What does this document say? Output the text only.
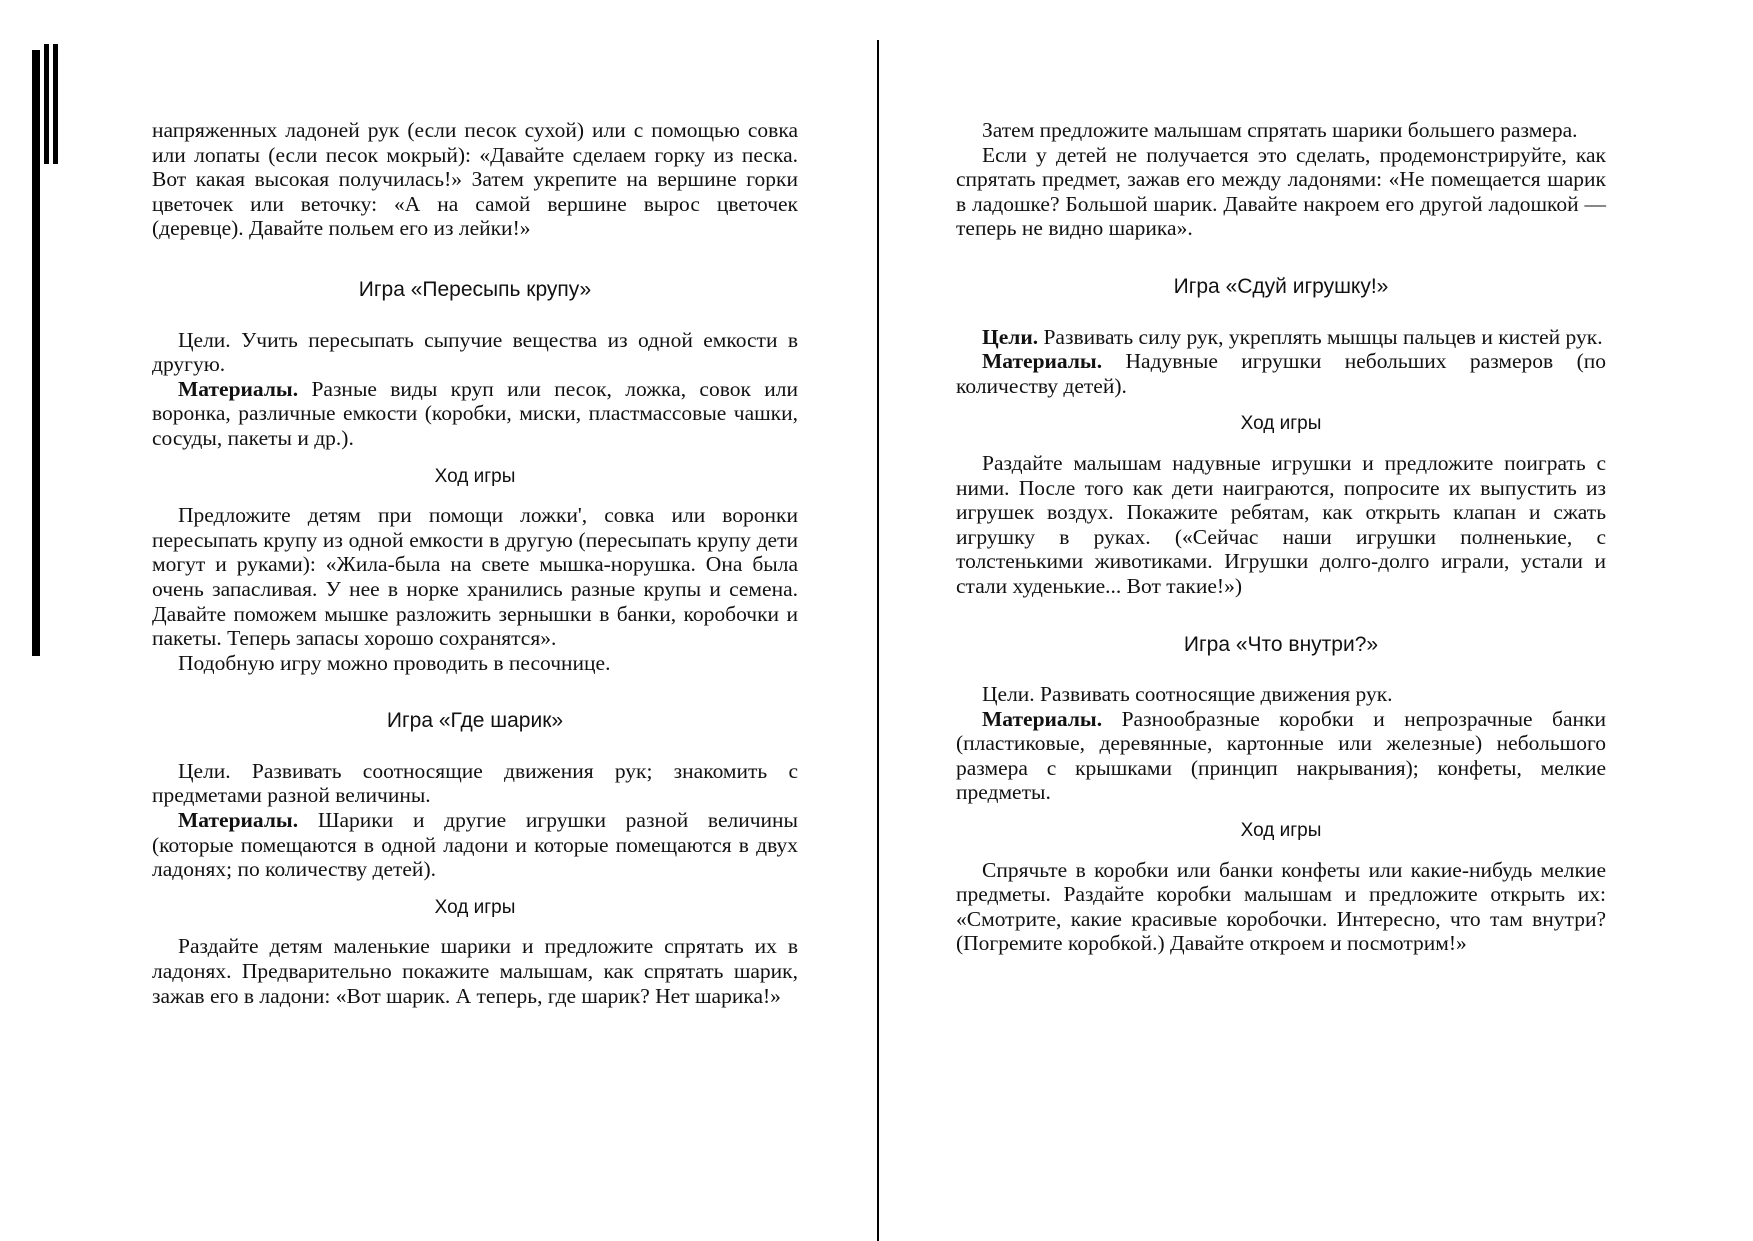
напряженных ладоней рук (если песок сухой) или с помощью совка или лопаты (если песок мокрый): «Давайте сделаем горку из песка. Вот какая высокая получилась!» Затем укрепите на вершине горки цветочек или веточку: «А на самой вершине вырос цветочек (деревце). Давайте польем его из лейки!»

Игра «Пересыпь крупу»

Цели. Учить пересыпать сыпучие вещества из одной емкости в другую.

Материалы. Разные виды круп или песок, ложка, совок или воронка, различные емкости (коробки, миски, пластмассовые чашки, сосуды, пакеты и др.).

Ход игры

Предложите детям при помощи ложки', совка или воронки пересыпать крупу из одной емкости в другую (пересыпать крупу дети могут и руками): «Жила-была на свете мышка-норушка. Она была очень запасливая. У нее в норке хранились разные крупы и семена. Давайте поможем мышке разложить зернышки в банки, коробочки и пакеты. Теперь запасы хорошо сохранятся».

Подобную игру можно проводить в песочнице.

Игра «Где шарик»

Цели. Развивать соотносящие движения рук; знакомить с предметами разной величины.

Материалы. Шарики и другие игрушки разной величины (которые помещаются в одной ладони и которые помещаются в двух ладонях; по количеству детей).

Ход игры

Раздайте детям маленькие шарики и предложите спрятать их в ладонях. Предварительно покажите малышам, как спрятать шарик, зажав его в ладони: «Вот шарик. А теперь, где шарик? Нет шарика!»

Затем предложите малышам спрятать шарики большего размера.

Если у детей не получается это сделать, продемонстрируйте, как спрятать предмет, зажав его между ладонями: «Не помещается шарик в ладошке? Большой шарик. Давайте накроем его другой ладошкой — теперь не видно шарика».

Игра «Сдуй игрушку!»

Цели. Развивать силу рук, укреплять мышцы пальцев и кистей рук.

Материалы. Надувные игрушки небольших размеров (по количеству детей).

Ход игры

Раздайте малышам надувные игрушки и предложите поиграть с ними. После того как дети наиграются, попросите их выпустить из игрушек воздух. Покажите ребятам, как открыть клапан и сжать игрушку в руках. («Сейчас наши игрушки полненькие, с толстенькими животиками. Игрушки долго-долго играли, устали и стали худенькие... Вот такие!»)

Игра «Что внутри?»

Цели. Развивать соотносящие движения рук.

Материалы. Разнообразные коробки и непрозрачные банки (пластиковые, деревянные, картонные или железные) небольшого размера с крышками (принцип накрывания); конфеты, мелкие предметы.

Ход игры

Спрячьте в коробки или банки конфеты или какие-нибудь мелкие предметы. Раздайте коробки малышам и предложите открыть их: «Смотрите, какие красивые коробочки. Интересно, что там внутри? (Погремите коробкой.) Давайте откроем и посмотрим!»
